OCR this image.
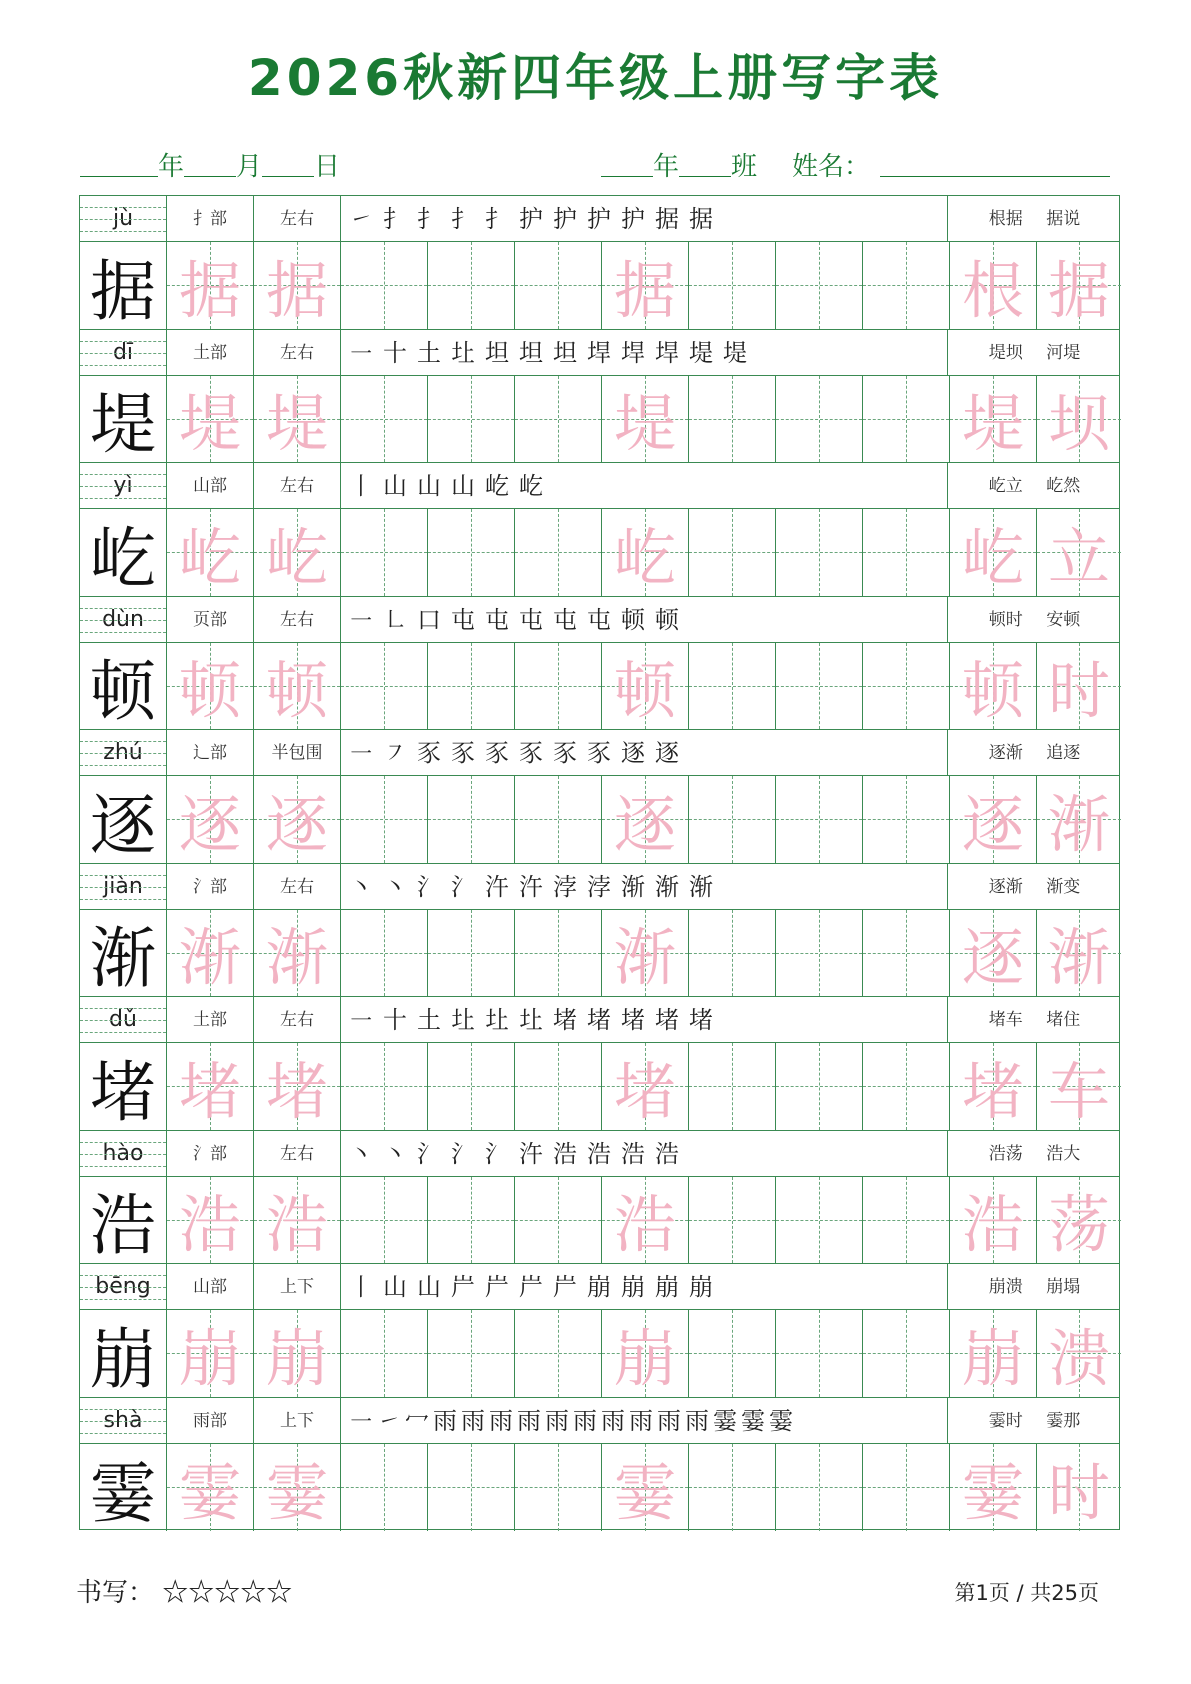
2026秋新四年级上册写字表
年 月 日	年 班 姓名：
jù	扌部	左右	㇀扌扌扌扌护护护护据据	根据 据说
据 据 据	据	根 据
dī	土部	左右	㇐十土圵坦坦坦垾垾垾堤堤	堤坝 河堤
堤 堤 堤	堤	堤 坝
yì	山部	左右	丨山山山屹屹	屹立 屹然
屹 屹 屹	屹	屹 立
dùn	页部	左右	㇐㇗口屯屯屯屯屯顿顿	顿时 安顿
顿 顿 顿	顿	顿 时
zhú	辶部	半包围	㇐㇇豕豕豕豕豕豕逐逐	逐渐 追逐
逐 逐 逐	逐	逐 渐
jiàn	氵部	左右	丶丶氵氵汻汻浡浡渐渐渐	逐渐 渐变
渐 渐 渐	渐	逐 渐
dǔ	土部	左右	㇐十土圵圵圵堵堵堵堵堵	堵车 堵住
堵 堵 堵	堵	堵 车
hào	氵部	左右	丶丶氵氵氵汻浩浩浩浩	浩荡 浩大
浩 浩 浩	浩	浩 荡
bēng	山部	上下	丨山山屵屵屵屵崩崩崩崩	崩溃 崩塌
崩 崩 崩	崩	崩 溃
shà	雨部	上下	㇐㇀冖雨雨雨雨雨雨雨雨雨雨霎霎霎	霎时 霎那
霎 霎 霎	霎	霎 时
书写： ☆☆☆☆☆	第1页 / 共25页
